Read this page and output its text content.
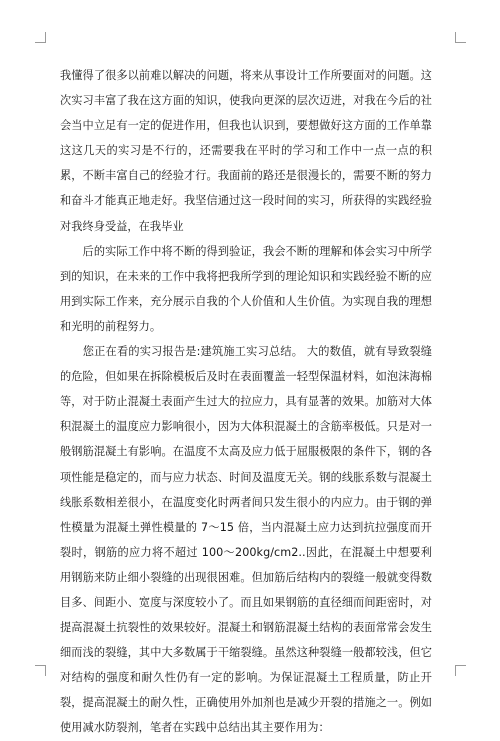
我懂得了很多以前难以解决的问题，将来从事设计工作所要面对的问题。这次实习丰富了我在这方面的知识，使我向更深的层次迈进，对我在今后的社会当中立足有一定的促进作用，但我也认识到，要想做好这方面的工作单靠这这几天的实习是不行的，还需要我在平时的学习和工作中一点一点的积累，不断丰富自己的经验才行。我面前的路还是很漫长的，需要不断的努力和奋斗才能真正地走好。我坚信通过这一段时间的实习，所获得的实践经验对我终身受益，在我毕业

　　后的实际工作中将不断的得到验证，我会不断的理解和体会实习中所学到的知识，在未来的工作中我将把我所学到的理论知识和实践经验不断的应用到实际工作来，充分展示自我的个人价值和人生价值。为实现自我的理想和光明的前程努力。

　　您正在看的实习报告是:建筑施工实习总结。 大的数值，就有导致裂缝的危险，但如果在拆除模板后及时在表面覆盖一轻型保温材料，如泡沫海棉等，对于防止混凝土表面产生过大的拉应力，具有显著的效果。加筋对大体积混凝土的温度应力影响很小，因为大体积混凝土的含筋率极低。只是对一般钢筋混凝土有影响。在温度不太高及应力低于屈服极限的条件下，钢的各项性能是稳定的，而与应力状态、时间及温度无关。钢的线胀系数与混凝土线胀系数相差很小，在温度变化时两者间只发生很小的内应力。由于钢的弹性模量为混凝土弹性模量的 7～15 倍，当内混凝土应力达到抗拉强度而开裂时，钢筋的应力将不超过 100～200kg/cm2..因此，在混凝土中想要利用钢筋来防止细小裂缝的出现很困难。但加筋后结构内的裂缝一般就变得数目多、间距小、宽度与深度较小了。而且如果钢筋的直径细而间距密时，对提高混凝土抗裂性的效果较好。混凝土和钢筋混凝土结构的表面常常会发生细而浅的裂缝，其中大多数属于干缩裂缝。虽然这种裂缝一般都较浅，但它对结构的强度和耐久性仍有一定的影响。为保证混凝土工程质量，防止开裂，提高混凝土的耐久性，正确使用外加剂也是减少开裂的措施之一。例如使用减水防裂剂，笔者在实践中总结出其主要作用为：
